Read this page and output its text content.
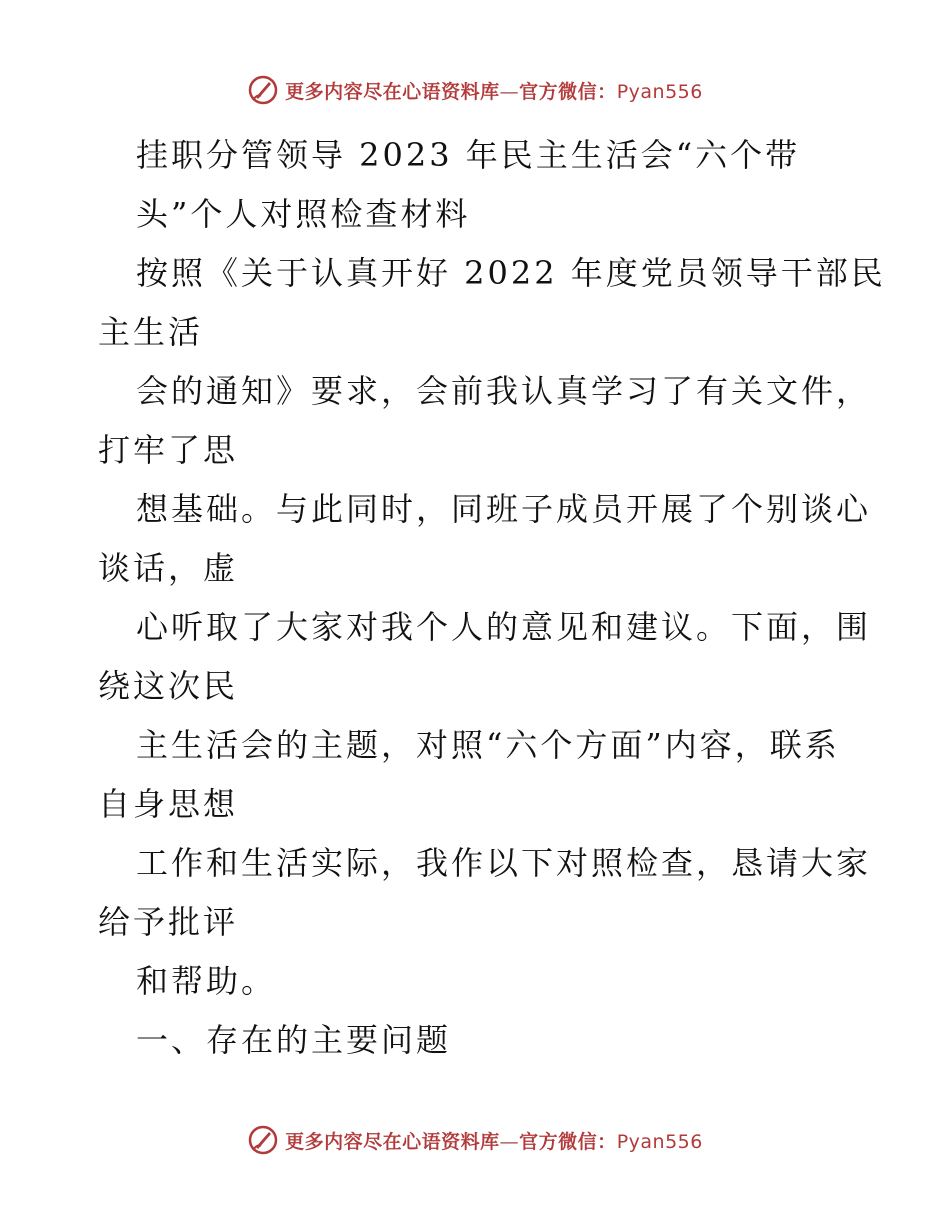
更多内容尽在心语资料库—官方微信：Pyan556
挂职分管领导 2023 年民主生活会“六个带
头”个人对照检查材料
按照《关于认真开好 2022 年度党员领导干部民
主生活
会的通知》要求，会前我认真学习了有关文件，
打牢了思
想基础。与此同时，同班子成员开展了个别谈心
谈话，虚
心听取了大家对我个人的意见和建议。下面，围
绕这次民
主生活会的主题，对照“六个方面”内容，联系
自身思想
工作和生活实际，我作以下对照检查，恳请大家
给予批评
和帮助。
一、存在的主要问题
更多内容尽在心语资料库—官方微信：Pyan556
